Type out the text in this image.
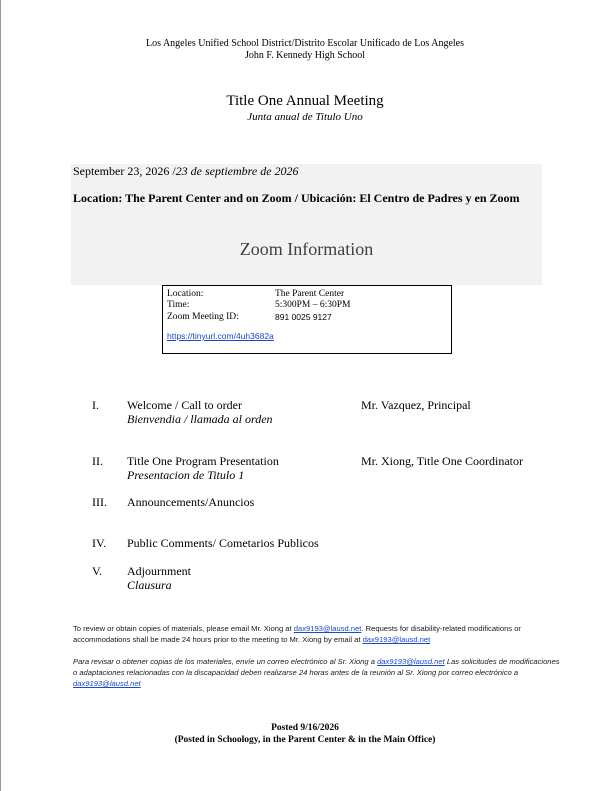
Los Angeles Unified School District/Distrito Escolar Unificado de Los Angeles
John F. Kennedy High School
Title One Annual Meeting
Junta anual de Titulo Uno
September 23, 2026 /23 de septiembre de 2026
Location: The Parent Center and on Zoom / Ubicación: El Centro de Padres y en Zoom
Zoom Information
Location:	The Parent Center
Time:	5:300PM – 6:30PM
Zoom Meeting ID:	891 0025 9127
https://tinyurl.com/4uh3682a
I. Welcome / Call to order
Bienvendia / llamada al orden
Mr. Vazquez, Principal
II. Title One Program Presentation
Presentacion de Titulo 1
Mr. Xiong, Title One Coordinator
III. Announcements/Anuncios
IV. Public Comments/ Cometarios Publicos
V. Adjournment
Clausura
To review or obtain copies of materials, please email Mr. Xiong at dax9193@lausd.net. Requests for disability-related modifications or accommodations shall be made 24 hours prior to the meeting to Mr. Xiong by email at dax9193@lausd.net
Para revisar o obtener copias de los materiales, envíe un correo electrónico al Sr. Xiong a dax9193@lausd.net Las solicitudes de modificaciones o adaptaciones relacionadas con la discapacidad deben realizarse 24 horas antes de la reunión al Sr. Xiong por correo electrónico a dax9193@lausd.net
Posted 9/16/2026
(Posted in Schoology, in the Parent Center & in the Main Office)
